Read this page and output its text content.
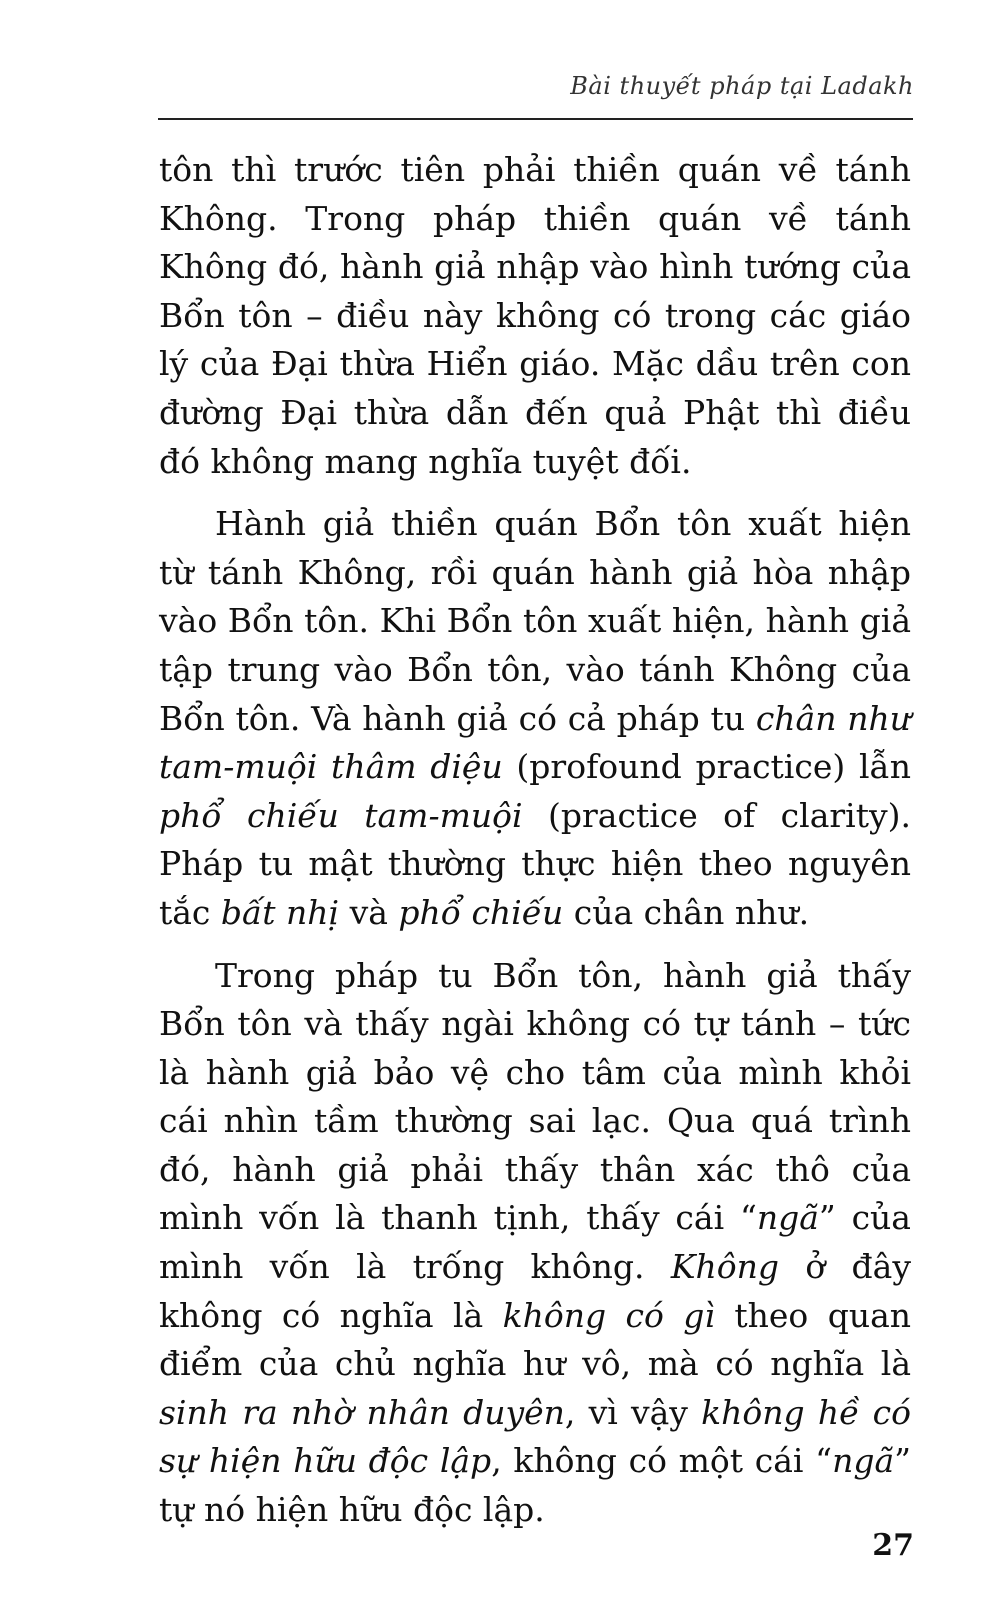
Bài thuyết pháp tại Ladakh

tôn thì trước tiên phải thiền quán về tánh Không. Trong pháp thiền quán về tánh Không đó, hành giả nhập vào hình tướng của Bổn tôn – điều này không có trong các giáo lý của Đại thừa Hiển giáo. Mặc dầu trên con đường Đại thừa dẫn đến quả Phật thì điều đó không mang nghĩa tuyệt đối.

Hành giả thiền quán Bổn tôn xuất hiện từ tánh Không, rồi quán hành giả hòa nhập vào Bổn tôn. Khi Bổn tôn xuất hiện, hành giả tập trung vào Bổn tôn, vào tánh Không của Bổn tôn. Và hành giả có cả pháp tu chân như tam-muội thâm diệu (profound practice) lẫn phổ chiếu tam-muội (practice of clarity). Pháp tu mật thường thực hiện theo nguyên tắc bất nhị và phổ chiếu của chân như.

Trong pháp tu Bổn tôn, hành giả thấy Bổn tôn và thấy ngài không có tự tánh – tức là hành giả bảo vệ cho tâm của mình khỏi cái nhìn tầm thường sai lạc. Qua quá trình đó, hành giả phải thấy thân xác thô của mình vốn là thanh tịnh, thấy cái “ngã” của mình vốn là trống không. Không ở đây không có nghĩa là không có gì theo quan điểm của chủ nghĩa hư vô, mà có nghĩa là sinh ra nhờ nhân duyên, vì vậy không hề có sự hiện hữu độc lập, không có một cái “ngã” tự nó hiện hữu độc lập.

27
